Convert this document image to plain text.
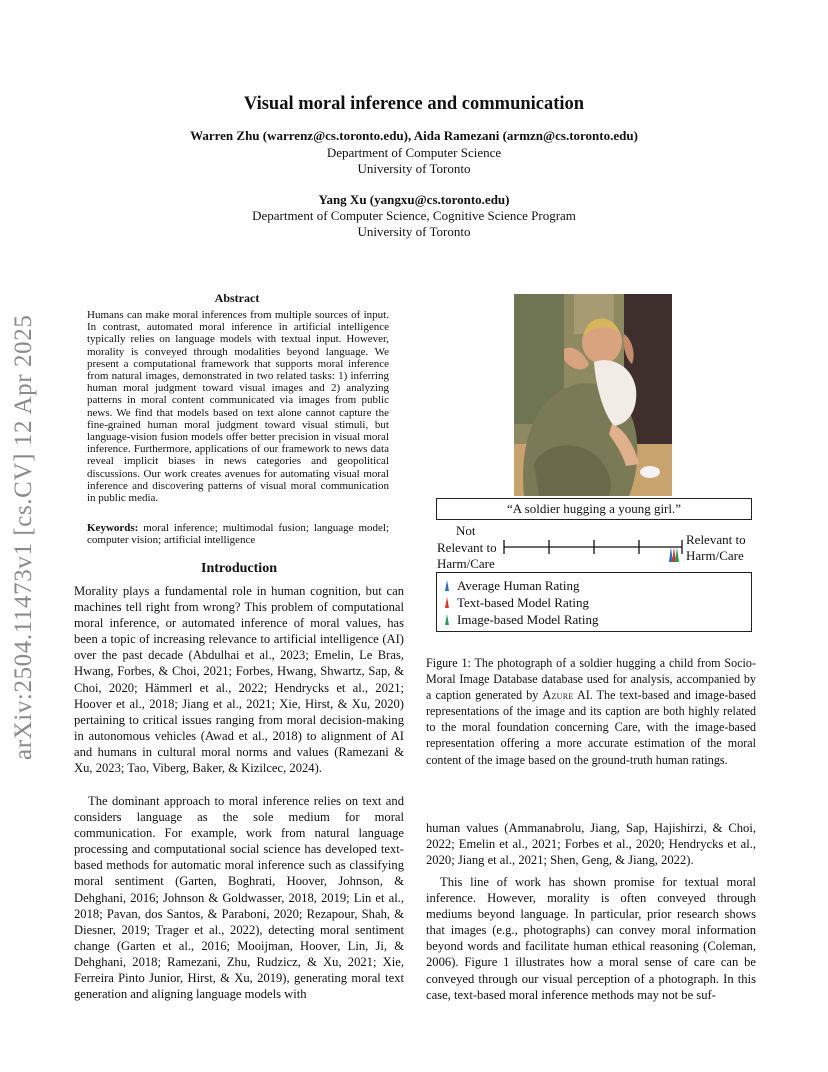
arXiv:2504.11473v1 [cs.CV] 12 Apr 2025
Visual moral inference and communication
Warren Zhu (warrenz@cs.toronto.edu), Aida Ramezani (armzn@cs.toronto.edu)
Department of Computer Science
University of Toronto
Yang Xu (yangxu@cs.toronto.edu)
Department of Computer Science, Cognitive Science Program
University of Toronto
Abstract
Humans can make moral inferences from multiple sources of input. In contrast, automated moral inference in artificial intelligence typically relies on language models with textual input. However, morality is conveyed through modalities beyond language. We present a computational framework that supports moral inference from natural images, demonstrated in two related tasks: 1) inferring human moral judgment toward visual images and 2) analyzing patterns in moral content communicated via images from public news. We find that models based on text alone cannot capture the fine-grained human moral judgment toward visual stimuli, but language-vision fusion models offer better precision in visual moral inference. Furthermore, applications of our framework to news data reveal implicit biases in news categories and geopolitical discussions. Our work creates avenues for automating visual moral inference and discovering patterns of visual moral communication in public media.
Keywords: moral inference; multimodal fusion; language model; computer vision; artificial intelligence
Introduction
Morality plays a fundamental role in human cognition, but can machines tell right from wrong? This problem of computational moral inference, or automated inference of moral values, has been a topic of increasing relevance to artificial intelligence (AI) over the past decade (Abdulhai et al., 2023; Emelin, Le Bras, Hwang, Forbes, & Choi, 2021; Forbes, Hwang, Shwartz, Sap, & Choi, 2020; Hämmerl et al., 2022; Hendrycks et al., 2021; Hoover et al., 2018; Jiang et al., 2021; Xie, Hirst, & Xu, 2020) pertaining to critical issues ranging from moral decision-making in autonomous vehicles (Awad et al., 2018) to alignment of AI and humans in cultural moral norms and values (Ramezani & Xu, 2023; Tao, Viberg, Baker, & Kizilcec, 2024).
The dominant approach to moral inference relies on text and considers language as the sole medium for moral communication. For example, work from natural language processing and computational social science has developed text-based methods for automatic moral inference such as classifying moral sentiment (Garten, Boghrati, Hoover, Johnson, & Dehghani, 2016; Johnson & Goldwasser, 2018, 2019; Lin et al., 2018; Pavan, dos Santos, & Paraboni, 2020; Rezapour, Shah, & Diesner, 2019; Trager et al., 2022), detecting moral sentiment change (Garten et al., 2016; Mooijman, Hoover, Lin, Ji, & Dehghani, 2018; Ramezani, Zhu, Rudzicz, & Xu, 2021; Xie, Ferreira Pinto Junior, Hirst, & Xu, 2019), generating moral text generation and aligning language models with
human values (Ammanabrolu, Jiang, Sap, Hajishirzi, & Choi, 2022; Emelin et al., 2021; Forbes et al., 2020; Hendrycks et al., 2020; Jiang et al., 2021; Shen, Geng, & Jiang, 2022).
This line of work has shown promise for textual moral inference. However, morality is often conveyed through mediums beyond language. In particular, prior research shows that images (e.g., photographs) can convey moral information beyond words and facilitate human ethical reasoning (Coleman, 2006). Figure 1 illustrates how a moral sense of care can be conveyed through our visual perception of a photograph. In this case, text-based moral inference methods may not be suf-
“A soldier hugging a young girl.”
Not
Relevant to
Harm/Care
Relevant to
Harm/Care
Average Human Rating
Text-based Model Rating
Image-based Model Rating
Figure 1: The photograph of a soldier hugging a child from Socio-Moral Image Database database used for analysis, accompanied by a caption generated by Azure AI. The text-based and image-based representations of the image and its caption are both highly related to the moral foundation concerning Care, with the image-based representation offering a more accurate estimation of the moral content of the image based on the ground-truth human ratings.
